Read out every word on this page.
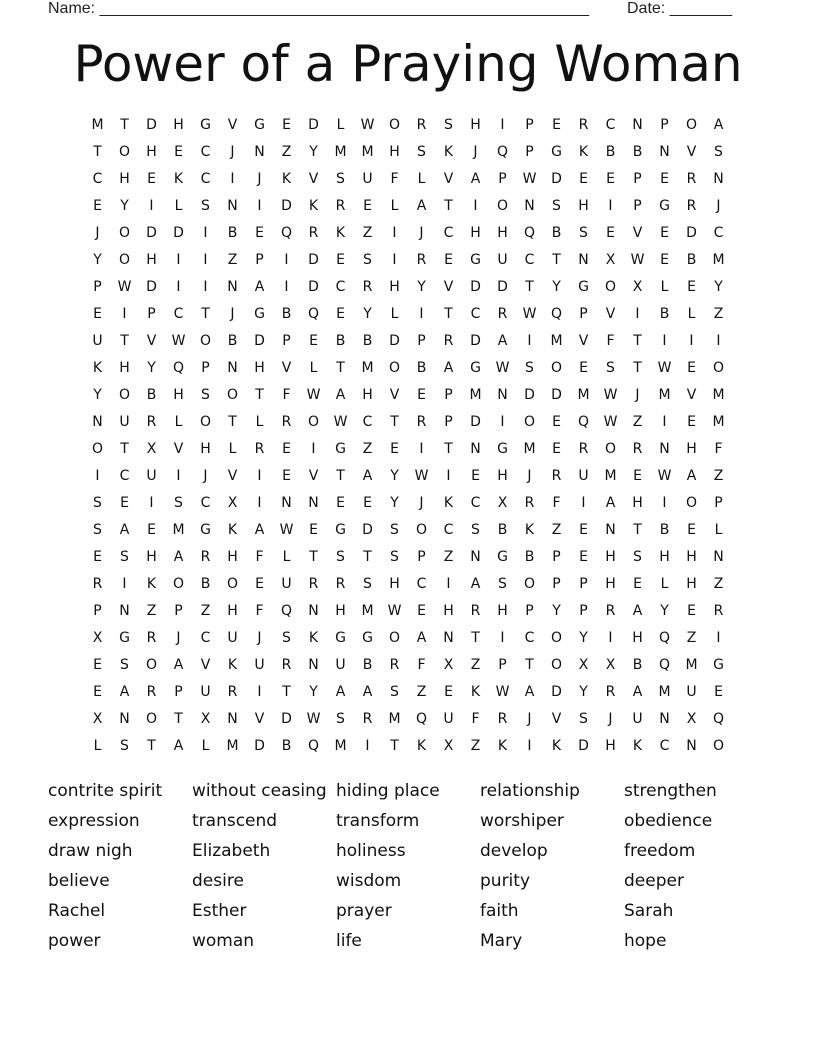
Name: _______________________________________________________ Date: _______
Power of a Praying Woman
M	T	D	H	G	V	G	E	D	L	W	O	R	S	H	I	P	E	R	C	N	P	O	A
T	O	H	E	C	J	N	Z	Y	M	M	H	S	K	J	Q	P	G	K	B	B	N	V	S
C	H	E	K	C	I	J	K	V	S	U	F	L	V	A	P	W	D	E	E	P	E	R	N
E	Y	I	L	S	N	I	D	K	R	E	L	A	T	I	O	N	S	H	I	P	G	R	J
J	O	D	D	I	B	E	Q	R	K	Z	I	J	C	H	H	Q	B	S	E	V	E	D	C
Y	O	H	I	I	Z	P	I	D	E	S	I	R	E	G	U	C	T	N	X	W	E	B	M
P	W	D	I	I	N	A	I	D	C	R	H	Y	V	D	D	T	Y	G	O	X	L	E	Y
E	I	P	C	T	J	G	B	Q	E	Y	L	I	T	C	R	W	Q	P	V	I	B	L	Z
U	T	V	W	O	B	D	P	E	B	B	D	P	R	D	A	I	M	V	F	T	I	I	I
K	H	Y	Q	P	N	H	V	L	T	M	O	B	A	G	W	S	O	E	S	T	W	E	O
Y	O	B	H	S	O	T	F	W	A	H	V	E	P	M	N	D	D	M	W	J	M	V	M
N	U	R	L	O	T	L	R	O	W	C	T	R	P	D	I	O	E	Q	W	Z	I	E	M
O	T	X	V	H	L	R	E	I	G	Z	E	I	T	N	G	M	E	R	O	R	N	H	F
I	C	U	I	J	V	I	E	V	T	A	Y	W	I	E	H	J	R	U	M	E	W	A	Z
S	E	I	S	C	X	I	N	N	E	E	Y	J	K	C	X	R	F	I	A	H	I	O	P
S	A	E	M	G	K	A	W	E	G	D	S	O	C	S	B	K	Z	E	N	T	B	E	L
E	S	H	A	R	H	F	L	T	S	T	S	P	Z	N	G	B	P	E	H	S	H	H	N
R	I	K	O	B	O	E	U	R	R	S	H	C	I	A	S	O	P	P	H	E	L	H	Z
P	N	Z	P	Z	H	F	Q	N	H	M	W	E	H	R	H	P	Y	P	R	A	Y	E	R
X	G	R	J	C	U	J	S	K	G	G	O	A	N	T	I	C	O	Y	I	H	Q	Z	I
E	S	O	A	V	K	U	R	N	U	B	R	F	X	Z	P	T	O	X	X	B	Q	M	G
E	A	R	P	U	R	I	T	Y	A	A	S	Z	E	K	W	A	D	Y	R	A	M	U	E
X	N	O	T	X	N	V	D	W	S	R	M	Q	U	F	R	J	V	S	J	U	N	X	Q
L	S	T	A	L	M	D	B	Q	M	I	T	K	X	Z	K	I	K	D	H	K	C	N	O
contrite spirit
expression
draw nigh
believe
Rachel
power
without ceasing
transcend
Elizabeth
desire
Esther
woman
hiding place
transform
holiness
wisdom
prayer
life
relationship
worshiper
develop
purity
faith
Mary
strengthen
obedience
freedom
deeper
Sarah
hope
